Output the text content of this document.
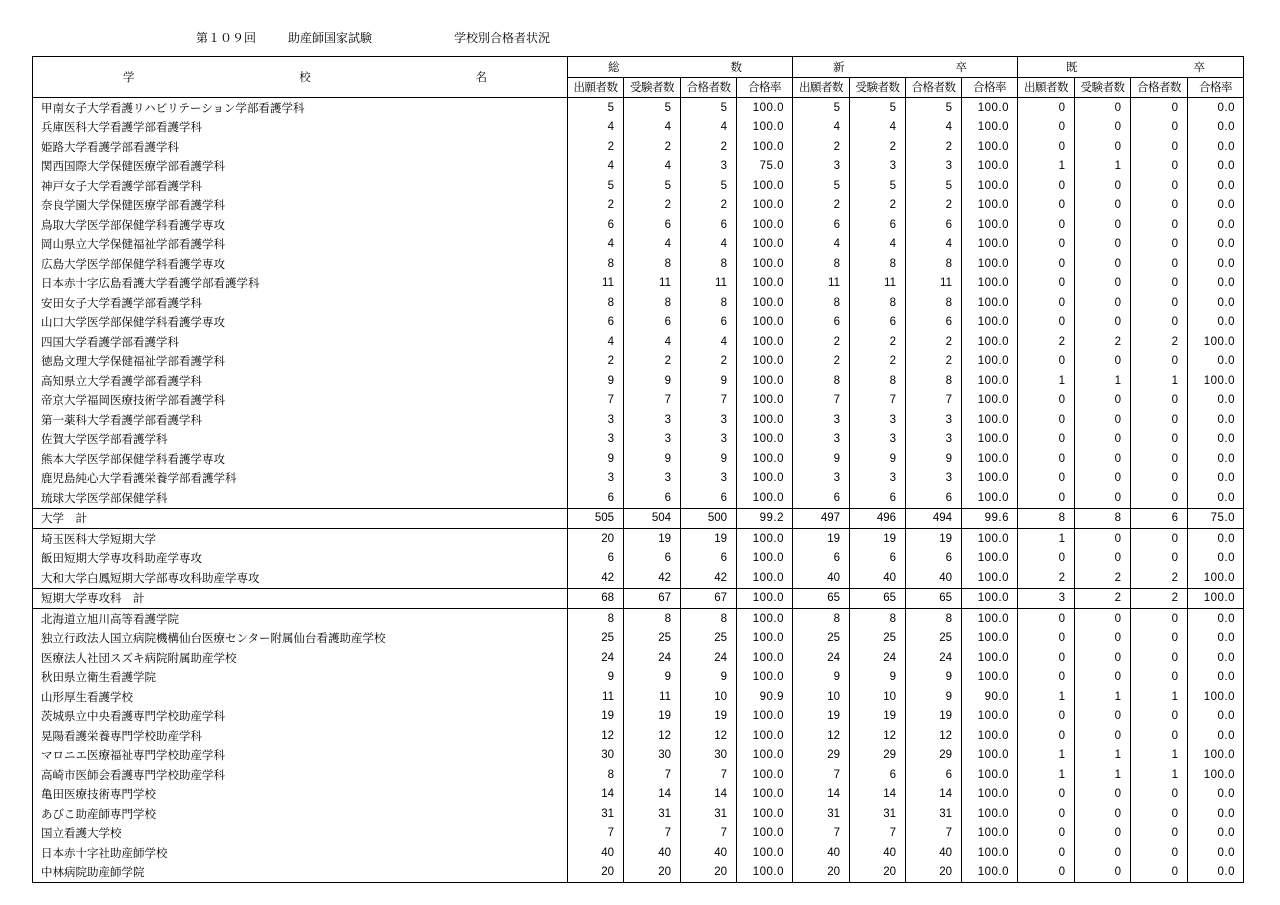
第１０９回	助産師国家試験	学校別合格者状況
学 校 名	総 数				新 卒				既 卒			

	出願者数	受験者数	合格者数	合格率	出願者数	受験者数	合格者数	合格率	出願者数	受験者数	合格者数	合格率
甲南女子大学看護リハビリテーション学部看護学科	5	5	5	100.0	5	5	5	100.0	0	0	0	0.0
兵庫医科大学看護学部看護学科	4	4	4	100.0	4	4	4	100.0	0	0	0	0.0
姫路大学看護学部看護学科	2	2	2	100.0	2	2	2	100.0	0	0	0	0.0
関西国際大学保健医療学部看護学科	4	4	3	75.0	3	3	3	100.0	1	1	0	0.0
神戸女子大学看護学部看護学科	5	5	5	100.0	5	5	5	100.0	0	0	0	0.0
奈良学園大学保健医療学部看護学科	2	2	2	100.0	2	2	2	100.0	0	0	0	0.0
鳥取大学医学部保健学科看護学専攻	6	6	6	100.0	6	6	6	100.0	0	0	0	0.0
岡山県立大学保健福祉学部看護学科	4	4	4	100.0	4	4	4	100.0	0	0	0	0.0
広島大学医学部保健学科看護学専攻	8	8	8	100.0	8	8	8	100.0	0	0	0	0.0
日本赤十字広島看護大学看護学部看護学科	11	11	11	100.0	11	11	11	100.0	0	0	0	0.0
安田女子大学看護学部看護学科	8	8	8	100.0	8	8	8	100.0	0	0	0	0.0
山口大学医学部保健学科看護学専攻	6	6	6	100.0	6	6	6	100.0	0	0	0	0.0
四国大学看護学部看護学科	4	4	4	100.0	2	2	2	100.0	2	2	2	100.0
徳島文理大学保健福祉学部看護学科	2	2	2	100.0	2	2	2	100.0	0	0	0	0.0
高知県立大学看護学部看護学科	9	9	9	100.0	8	8	8	100.0	1	1	1	100.0
帝京大学福岡医療技術学部看護学科	7	7	7	100.0	7	7	7	100.0	0	0	0	0.0
第一薬科大学看護学部看護学科	3	3	3	100.0	3	3	3	100.0	0	0	0	0.0
佐賀大学医学部看護学科	3	3	3	100.0	3	3	3	100.0	0	0	0	0.0
熊本大学医学部保健学科看護学専攻	9	9	9	100.0	9	9	9	100.0	0	0	0	0.0
鹿児島純心大学看護栄養学部看護学科	3	3	3	100.0	3	3	3	100.0	0	0	0	0.0
琉球大学医学部保健学科	6	6	6	100.0	6	6	6	100.0	0	0	0	0.0
大学　計	505	504	500	99.2	497	496	494	99.6	8	8	6	75.0
埼玉医科大学短期大学	20	19	19	100.0	19	19	19	100.0	1	0	0	0.0
飯田短期大学専攻科助産学専攻	6	6	6	100.0	6	6	6	100.0	0	0	0	0.0
大和大学白鳳短期大学部専攻科助産学専攻	42	42	42	100.0	40	40	40	100.0	2	2	2	100.0
短期大学専攻科　計	68	67	67	100.0	65	65	65	100.0	3	2	2	100.0
北海道立旭川高等看護学院	8	8	8	100.0	8	8	8	100.0	0	0	0	0.0
独立行政法人国立病院機構仙台医療センター附属仙台看護助産学校	25	25	25	100.0	25	25	25	100.0	0	0	0	0.0
医療法人社団スズキ病院附属助産学校	24	24	24	100.0	24	24	24	100.0	0	0	0	0.0
秋田県立衛生看護学院	9	9	9	100.0	9	9	9	100.0	0	0	0	0.0
山形厚生看護学校	11	11	10	90.9	10	10	9	90.0	1	1	1	100.0
茨城県立中央看護専門学校助産学科	19	19	19	100.0	19	19	19	100.0	0	0	0	0.0
晃陽看護栄養専門学校助産学科	12	12	12	100.0	12	12	12	100.0	0	0	0	0.0
マロニエ医療福祉専門学校助産学科	30	30	30	100.0	29	29	29	100.0	1	1	1	100.0
高崎市医師会看護専門学校助産学科	8	7	7	100.0	7	6	6	100.0	1	1	1	100.0
亀田医療技術専門学校	14	14	14	100.0	14	14	14	100.0	0	0	0	0.0
あびこ助産師専門学校	31	31	31	100.0	31	31	31	100.0	0	0	0	0.0
国立看護大学校	7	7	7	100.0	7	7	7	100.0	0	0	0	0.0
日本赤十字社助産師学校	40	40	40	100.0	40	40	40	100.0	0	0	0	0.0
中林病院助産師学院	20	20	20	100.0	20	20	20	100.0	0	0	0	0.0
